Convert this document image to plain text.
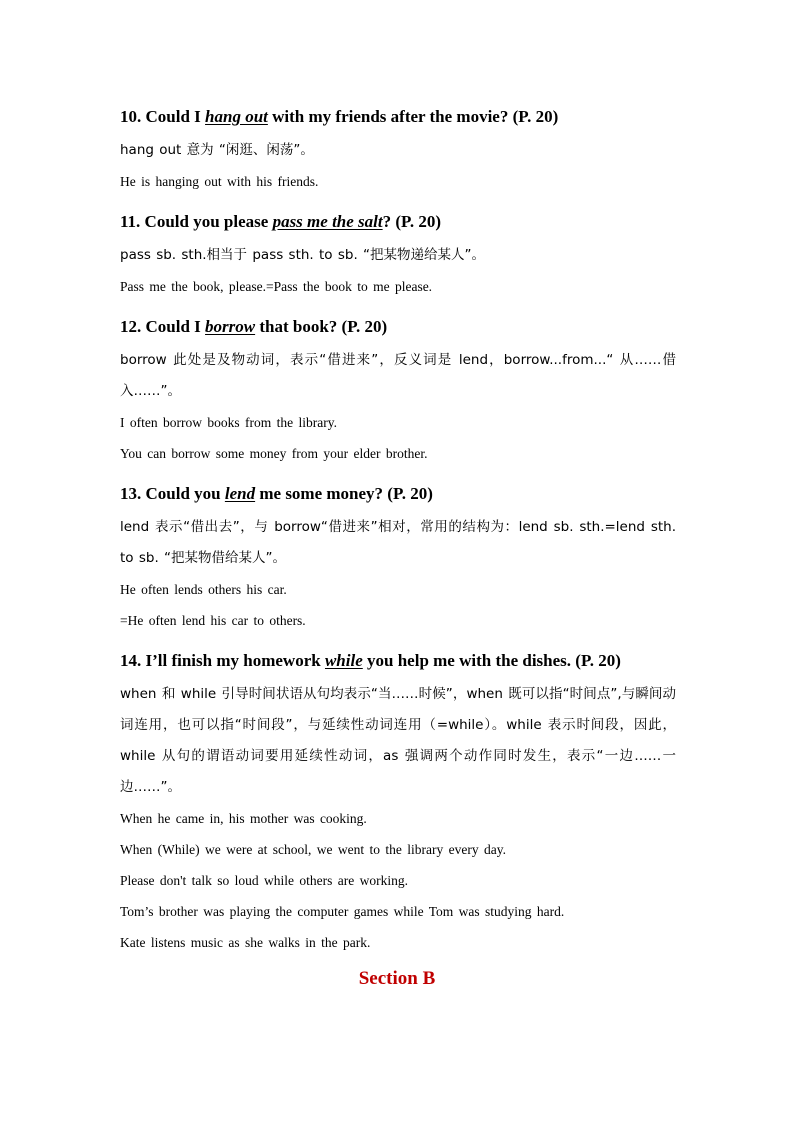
10. Could I hang out with my friends after the movie? (P. 20)

hang out 意为 “闲逛、闲荡”。

He is hanging out with his friends.

11. Could you please pass me the salt? (P. 20)

pass sb. sth.相当于 pass sth. to sb. “把某物递给某人”。

Pass me the book, please.=Pass the book to me please.

12. Could I borrow that book? (P. 20)

borrow 此处是及物动词，表示“借进来”，反义词是 lend，borrow...from...“ 从……借入……”。

I often borrow books from the library.

You can borrow some money from your elder brother.

13. Could you lend me some money? (P. 20)

lend 表示“借出去”，与 borrow“借进来”相对，常用的结构为：lend sb. sth.=lend sth. to sb. “把某物借给某人”。

He often lends others his car.

=He often lend his car to others.

14. I’ll finish my homework while you help me with the dishes. (P. 20)

when 和 while 引导时间状语从句均表示“当……时候”，when 既可以指“时间点”,与瞬间动词连用，也可以指“时间段”，与延续性动词连用（=while）。while 表示时间段，因此，while 从句的谓语动词要用延续性动词，as 强调两个动作同时发生，表示“一边……一边……”。

When he came in, his mother was cooking.

When (While) we were at school, we went to the library every day.

Please don't talk so loud while others are working.

Tom’s brother was playing the computer games while Tom was studying hard.

Kate listens music as she walks in the park.

Section B
